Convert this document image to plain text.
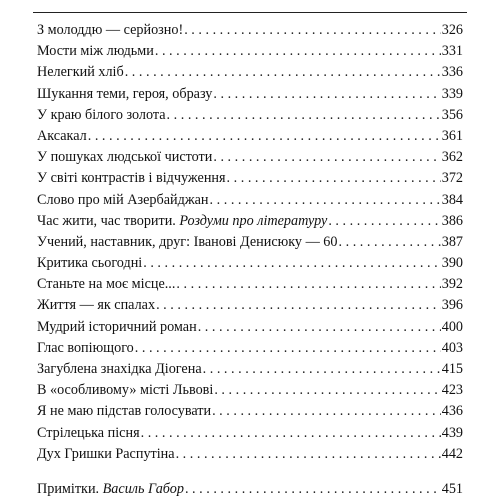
З молоддю — серйозно! . . .	326
Мости між людьми . . .	331
Нелегкий хліб . . .	336
Шукання теми, героя, образу . . .	339
У краю білого золота . . .	356
Аксакал . . .	361
У пошуках людської чистоти . . .	362
У світі контрастів і відчуження . . .	372
Слово про мій Азербайджан . . .	384
Час жити, час творити. Роздуми про літературу . . .	386
Учений, наставник, друг: Іванові Денисюку — 60 . . .	387
Критика сьогодні . . .	390
Станьте на моє місце... . . .	392
Життя — як спалах . . .	396
Мудрий історичний роман . . .	400
Глас вопіющого . . .	403
Загублена знахідка Діогена . . .	415
В «особливому» місті Львові . . .	423
Я не маю підстав голосувати . . .	436
Стрілецька пісня . . .	439
Дух Гришки Распутіна . . .	442
Примітки. Василь Габор . . .	451
